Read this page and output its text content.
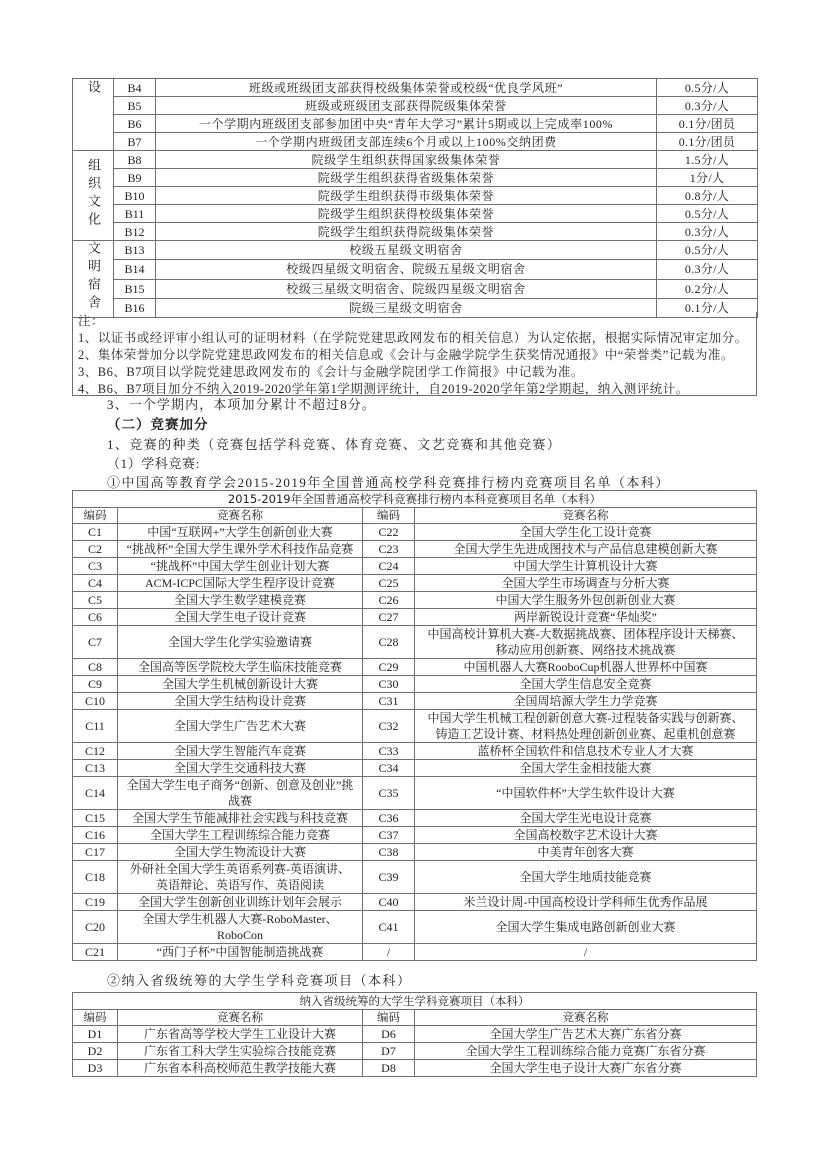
设	B4	班级或班级团支部获得校级集体荣誉或校级“优良学风班”	0.5分/人
	B5	班级或班级团支部获得院级集体荣誉	0.3分/人
	B6	一个学期内班级团支部参加团中央“青年大学习”累计5期或以上完成率100%	0.1分/团员
	B7	一个学期内班级团支部连续6个月或以上100%交纳团费	0.1分/团员
组织文化	B8	院级学生组织获得国家级集体荣誉	1.5分/人
	B9	院级学生组织获得省级集体荣誉	1分/人
	B10	院级学生组织获得市级集体荣誉	0.8分/人
	B11	院级学生组织获得校级集体荣誉	0.5分/人
	B12	院级学生组织获得院级集体荣誉	0.3分/人
文明宿舍	B13	校级五星级文明宿舍	0.5分/人
	B14	校级四星级文明宿舍、院级五星级文明宿舍	0.3分/人
	B15	校级三星级文明宿舍、院级四星级文明宿舍	0.2分/人
	B16	院级三星级文明宿舍	0.1分/人
注：
1、以证书或经评审小组认可的证明材料（在学院党建思政网发布的相关信息）为认定依据，根据实际情况审定加分。
2、集体荣誉加分以学院党建思政网发布的相关信息或《会计与金融学院学生获奖情况通报》中“荣誉类”记载为准。
3、B6、B7项目以学院党建思政网发布的《会计与金融学院团学工作简报》中记载为准。
4、B6、B7项目加分不纳入2019-2020学年第1学期测评统计，自2019-2020学年第2学期起，纳入测评统计。
3、一个学期内，本项加分累计不超过8分。
（二）竞赛加分
1、竞赛的种类（竞赛包括学科竞赛、体育竞赛、文艺竞赛和其他竞赛）
（1）学科竞赛:
①中国高等教育学会2015-2019年全国普通高校学科竞赛排行榜内竞赛项目名单（本科）
2015-2019年全国普通高校学科竞赛排行榜内本科竞赛项目名单（本科）			
编码	竞赛名称	编码	竞赛名称
C1	中国“互联网+”大学生创新创业大赛	C22	全国大学生化工设计竞赛
C2	“挑战杯”全国大学生课外学术科技作品竞赛	C23	全国大学生先进成图技术与产品信息建模创新大赛
C3	“挑战杯”中国大学生创业计划大赛	C24	中国大学生计算机设计大赛
C4	ACM-ICPC国际大学生程序设计竞赛	C25	全国大学生市场调查与分析大赛
C5	全国大学生数学建模竞赛	C26	中国大学生服务外包创新创业大赛
C6	全国大学生电子设计竞赛	C27	两岸新锐设计竞赛“华灿奖”
C7	全国大学生化学实验邀请赛	C28	中国高校计算机大赛-大数据挑战赛、团体程序设计天梯赛、移动应用创新赛、网络技术挑战赛
C8	全国高等医学院校大学生临床技能竞赛	C29	中国机器人大赛RooboCup机器人世界杯中国赛
C9	全国大学生机械创新设计大赛	C30	全国大学生信息安全竞赛
C10	全国大学生结构设计竞赛	C31	全国周培源大学生力学竞赛
C11	全国大学生广告艺术大赛	C32	中国大学生机械工程创新创意大赛-过程装备实践与创新赛、铸造工艺设计赛、材料热处理创新创业赛、起重机创意赛
C12	全国大学生智能汽车竞赛	C33	蓝桥杯全国软件和信息技术专业人才大赛
C13	全国大学生交通科技大赛	C34	全国大学生金相技能大赛
C14	全国大学生电子商务“创新、创意及创业”挑战赛	C35	“中国软件杯”大学生软件设计大赛
C15	全国大学生节能减排社会实践与科技竞赛	C36	全国大学生光电设计竞赛
C16	全国大学生工程训练综合能力竞赛	C37	全国高校数字艺术设计大赛
C17	全国大学生物流设计大赛	C38	中美青年创客大赛
C18	外研社全国大学生英语系列赛-英语演讲、英语辩论、英语写作、英语阅读	C39	全国大学生地质技能竞赛
C19	全国大学生创新创业训练计划年会展示	C40	米兰设计周-中国高校设计学科师生优秀作品展
C20	全国大学生机器人大赛-RoboMaster、RoboCon	C41	全国大学生集成电路创新创业大赛
C21	“西门子杯”中国智能制造挑战赛	/	/
②纳入省级统筹的大学生学科竞赛项目（本科）
纳入省级统筹的大学生学科竞赛项目（本科）			
编码	竞赛名称	编码	竞赛名称
D1	广东省高等学校大学生工业设计大赛	D6	全国大学生广告艺术大赛广东省分赛
D2	广东省工科大学生实验综合技能竞赛	D7	全国大学生工程训练综合能力竞赛广东省分赛
D3	广东省本科高校师范生教学技能大赛	D8	全国大学生电子设计大赛广东省分赛
